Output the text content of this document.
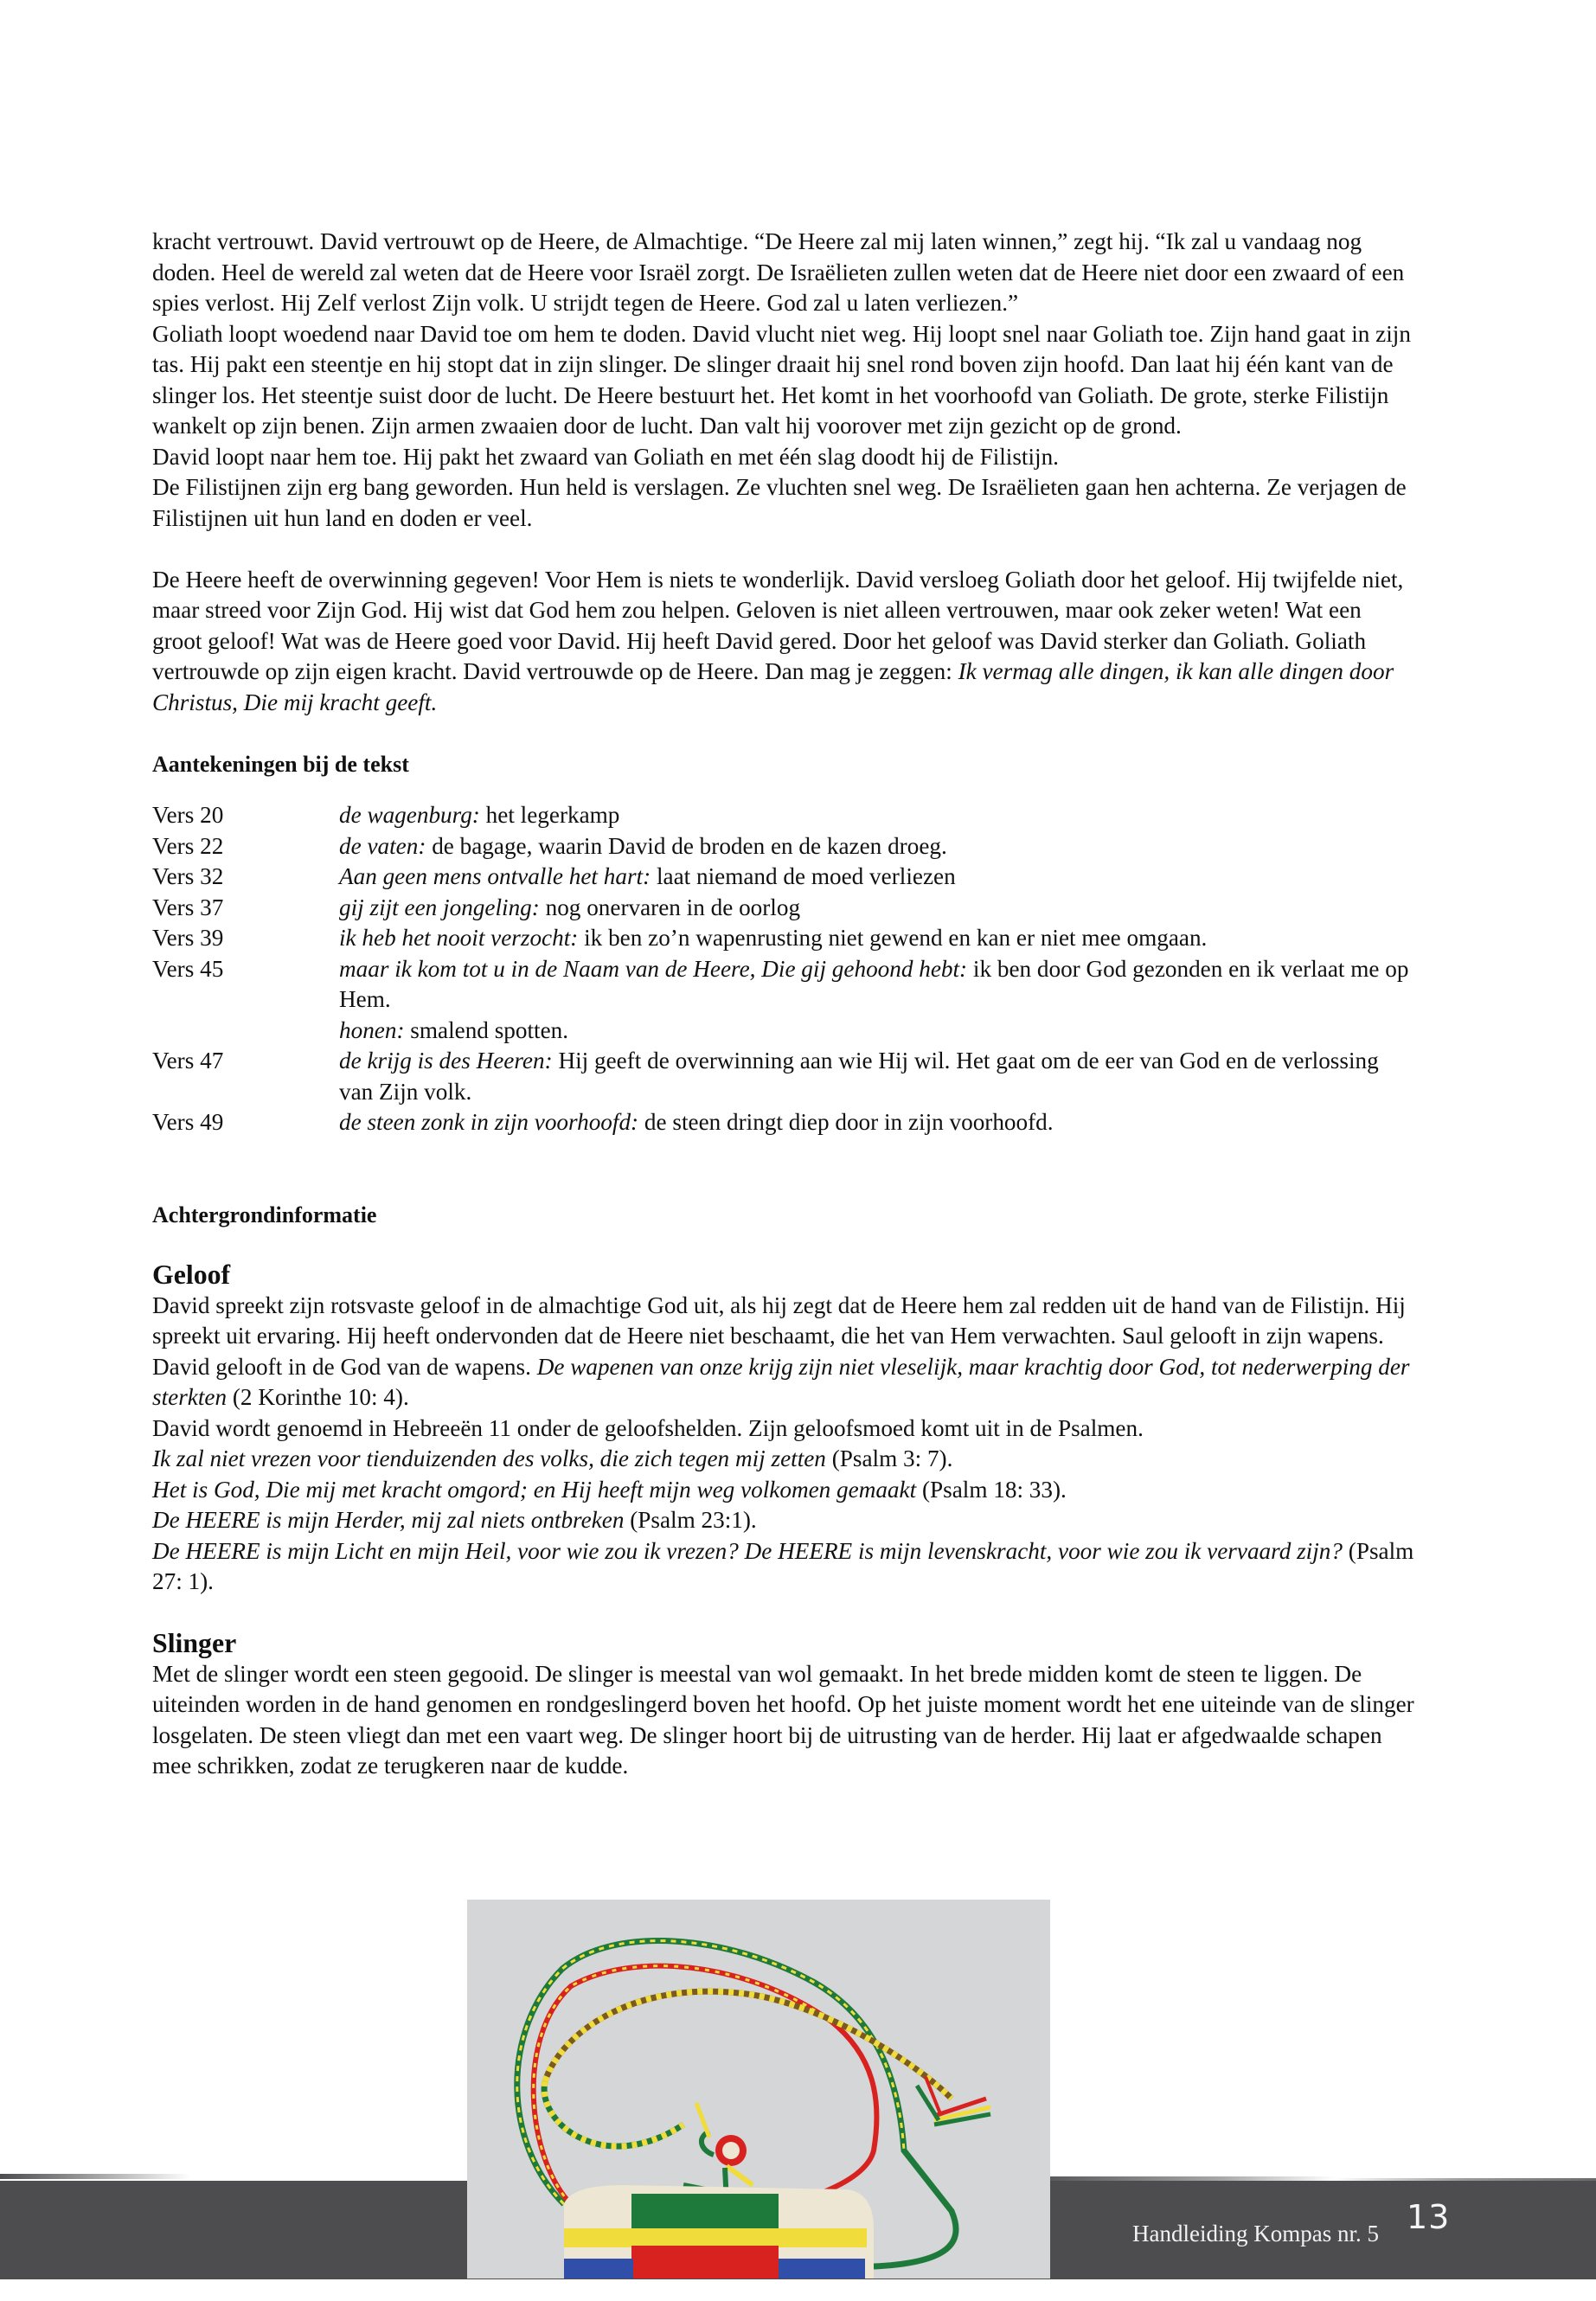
kracht vertrouwt. David vertrouwt op de Heere, de Almachtige. “De Heere zal mij laten winnen,” zegt hij. “Ik zal u vandaag nog doden. Heel de wereld zal weten dat de Heere voor Israël zorgt. De Israëlieten zullen weten dat de Heere niet door een zwaard of een spies verlost. Hij Zelf verlost Zijn volk. U strijdt tegen de Heere. God zal u laten verliezen.”

Goliath loopt woedend naar David toe om hem te doden. David vlucht niet weg. Hij loopt snel naar Goliath toe. Zijn hand gaat in zijn tas. Hij pakt een steentje en hij stopt dat in zijn slinger. De slinger draait hij snel rond boven zijn hoofd. Dan laat hij één kant van de slinger los. Het steentje suist door de lucht. De Heere bestuurt het. Het komt in het voorhoofd van Goliath. De grote, sterke Filistijn wankelt op zijn benen. Zijn armen zwaaien door de lucht. Dan valt hij voorover met zijn gezicht op de grond.

David loopt naar hem toe. Hij pakt het zwaard van Goliath en met één slag doodt hij de Filistijn.

De Filistijnen zijn erg bang geworden. Hun held is verslagen. Ze vluchten snel weg. De Israëlieten gaan hen achterna. Ze verjagen de Filistijnen uit hun land en doden er veel.

De Heere heeft de overwinning gegeven! Voor Hem is niets te wonderlijk. David versloeg Goliath door het geloof. Hij twijfelde niet, maar streed voor Zijn God. Hij wist dat God hem zou helpen. Geloven is niet alleen vertrouwen, maar ook zeker weten! Wat een groot geloof! Wat was de Heere goed voor David. Hij heeft David gered. Door het geloof was David sterker dan Goliath. Goliath vertrouwde op zijn eigen kracht. David vertrouwde op de Heere. Dan mag je zeggen: Ik vermag alle dingen, ik kan alle dingen door Christus, Die mij kracht geeft.

Aantekeningen bij de tekst
Vers 20	de wagenburg: het legerkamp
Vers 22	de vaten: de bagage, waarin David de broden en de kazen droeg.
Vers 32	Aan geen mens ontvalle het hart: laat niemand de moed verliezen
Vers 37	gij zijt een jongeling: nog onervaren in de oorlog
Vers 39	ik heb het nooit verzocht: ik ben zo’n wapenrusting niet gewend en kan er niet mee omgaan.
Vers 45	maar ik kom tot u in de Naam van de Heere, Die gij gehoond hebt: ik ben door God gezonden en ik verlaat me op Hem.
honen: smalend spotten.
Vers 47	de krijg is des Heeren: Hij geeft de overwinning aan wie Hij wil. Het gaat om de eer van God en de verlossing van Zijn volk.
Vers 49	de steen zonk in zijn voorhoofd: de steen dringt diep door in zijn voorhoofd.
Achtergrondinformatie
Geloof

David spreekt zijn rotsvaste geloof in de almachtige God uit, als hij zegt dat de Heere hem zal redden uit de hand van de Filistijn. Hij spreekt uit ervaring. Hij heeft ondervonden dat de Heere niet beschaamt, die het van Hem verwachten. Saul gelooft in zijn wapens. David gelooft in de God van de wapens. De wapenen van onze krijg zijn niet vleselijk, maar krachtig door God, tot nederwerping der sterkten (2 Korinthe 10: 4).

David wordt genoemd in Hebreeën 11 onder de geloofshelden. Zijn geloofsmoed komt uit in de Psalmen.

Ik zal niet vrezen voor tienduizenden des volks, die zich tegen mij zetten (Psalm 3: 7).

Het is God, Die mij met kracht omgord; en Hij heeft mijn weg volkomen gemaakt (Psalm 18: 33).

De HEERE is mijn Herder, mij zal niets ontbreken (Psalm 23:1).

De HEERE is mijn Licht en mijn Heil, voor wie zou ik vrezen? De HEERE is mijn levenskracht, voor wie zou ik vervaard zijn? (Psalm 27: 1).

Slinger

Met de slinger wordt een steen gegooid. De slinger is meestal van wol gemaakt. In het brede midden komt de steen te liggen. De uiteinden worden in de hand genomen en rondgeslingerd boven het hoofd. Op het juiste moment wordt het ene uiteinde van de slinger losgelaten. De steen vliegt dan met een vaart weg. De slinger hoort bij de uitrusting van de herder. Hij laat er afgedwaalde schapen mee schrikken, zodat ze terugkeren naar de kudde.

Handleiding Kompas nr. 5 13
